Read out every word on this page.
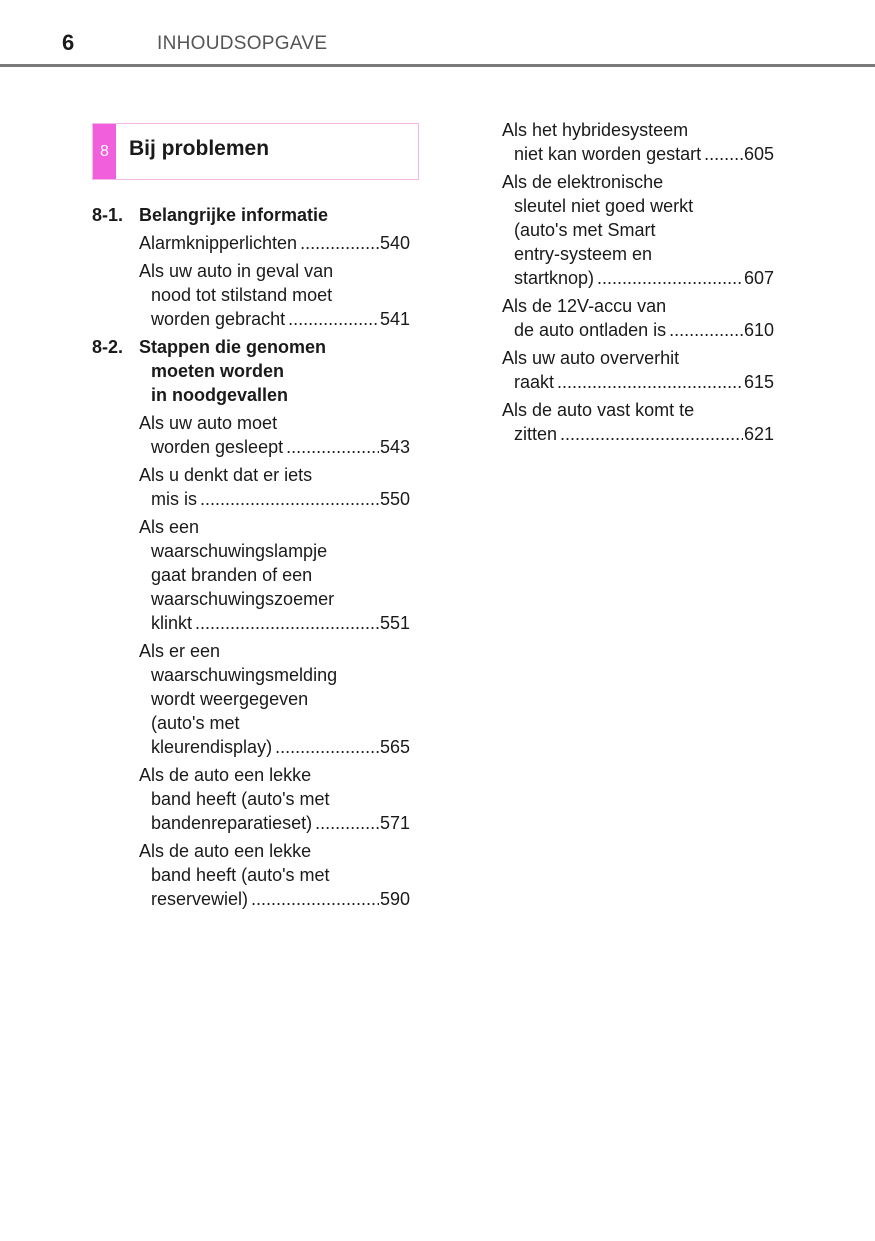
6	INHOUDSOPGAVE
8 Bij problemen
8-1. Belangrijke informatie
Alarmknipperlichten .....	540
Als uw auto in geval van
nood tot stilstand moet
worden gebracht .....	541
8-2. Stappen die genomen
moeten worden
in noodgevallen
Als uw auto moet
worden gesleept .....	543
Als u denkt dat er iets
mis is .....	550
Als een
waarschuwingslampje
gaat branden of een
waarschuwingszoemer
klinkt .....	551
Als er een
waarschuwingsmelding
wordt weergegeven
(auto's met
kleurendisplay) .....	565
Als de auto een lekke
band heeft (auto's met
bandenreparatieset) .....	571
Als de auto een lekke
band heeft (auto's met
reservewiel) .....	590
Als het hybridesysteem
niet kan worden gestart ..... 605
Als de elektronische
sleutel niet goed werkt
(auto's met Smart
entry-systeem en
startknop) .....	607
Als de 12V-accu van
de auto ontladen is .....	610
Als uw auto oververhit
raakt .....	615
Als de auto vast komt te
zitten .....	621
